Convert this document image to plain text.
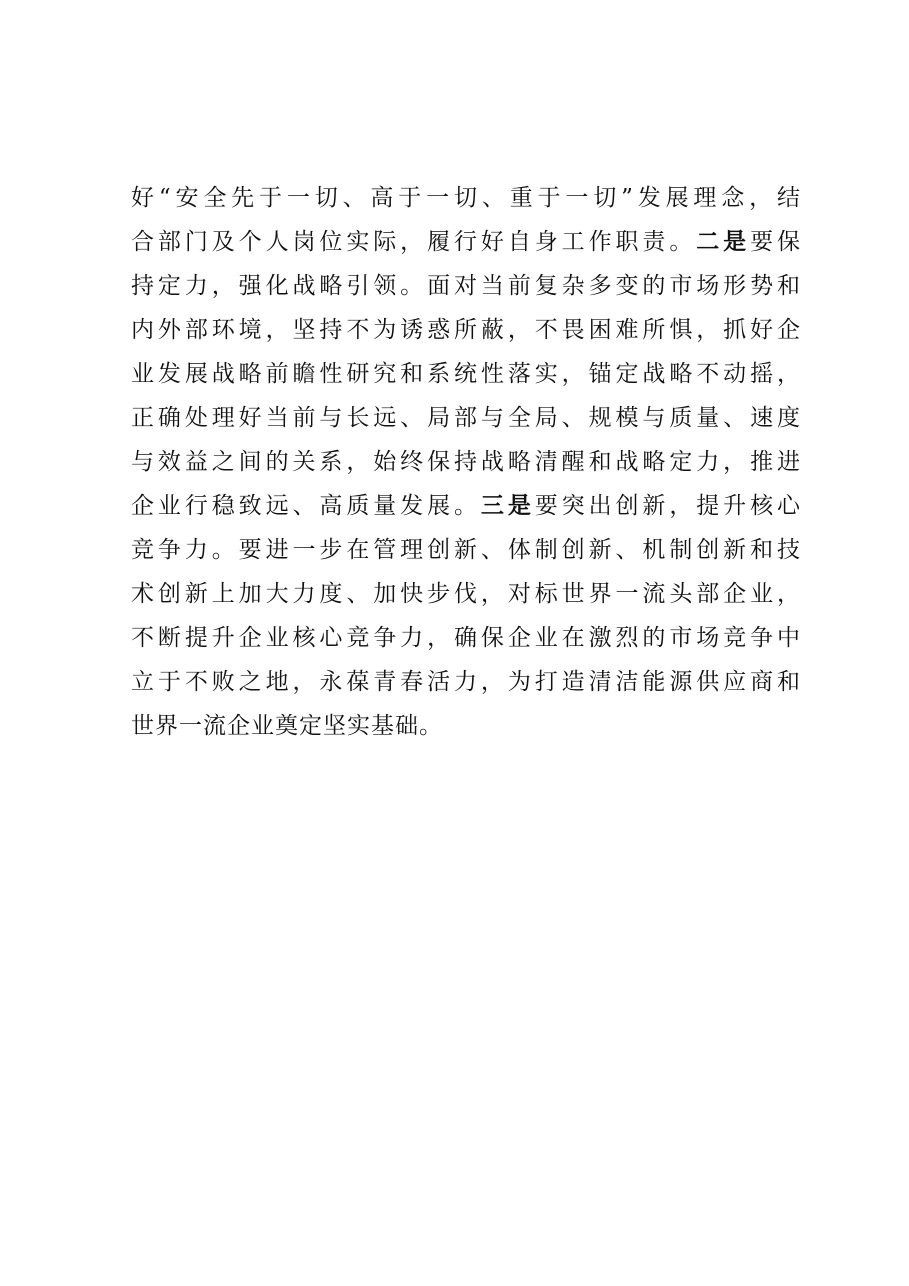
好“安全先于一切、高于一切、重于一切”发展理念，结
合部门及个人岗位实际，履行好自身工作职责。二是要保
持定力，强化战略引领。面对当前复杂多变的市场形势和
内外部环境，坚持不为诱惑所蔽，不畏困难所惧，抓好企
业发展战略前瞻性研究和系统性落实，锚定战略不动摇，
正确处理好当前与长远、局部与全局、规模与质量、速度
与效益之间的关系，始终保持战略清醒和战略定力，推进
企业行稳致远、高质量发展。三是要突出创新，提升核心
竞争力。要进一步在管理创新、体制创新、机制创新和技
术创新上加大力度、加快步伐，对标世界一流头部企业，
不断提升企业核心竞争力，确保企业在激烈的市场竞争中
立于不败之地，永葆青春活力，为打造清洁能源供应商和
世界一流企业奠定坚实基础。
